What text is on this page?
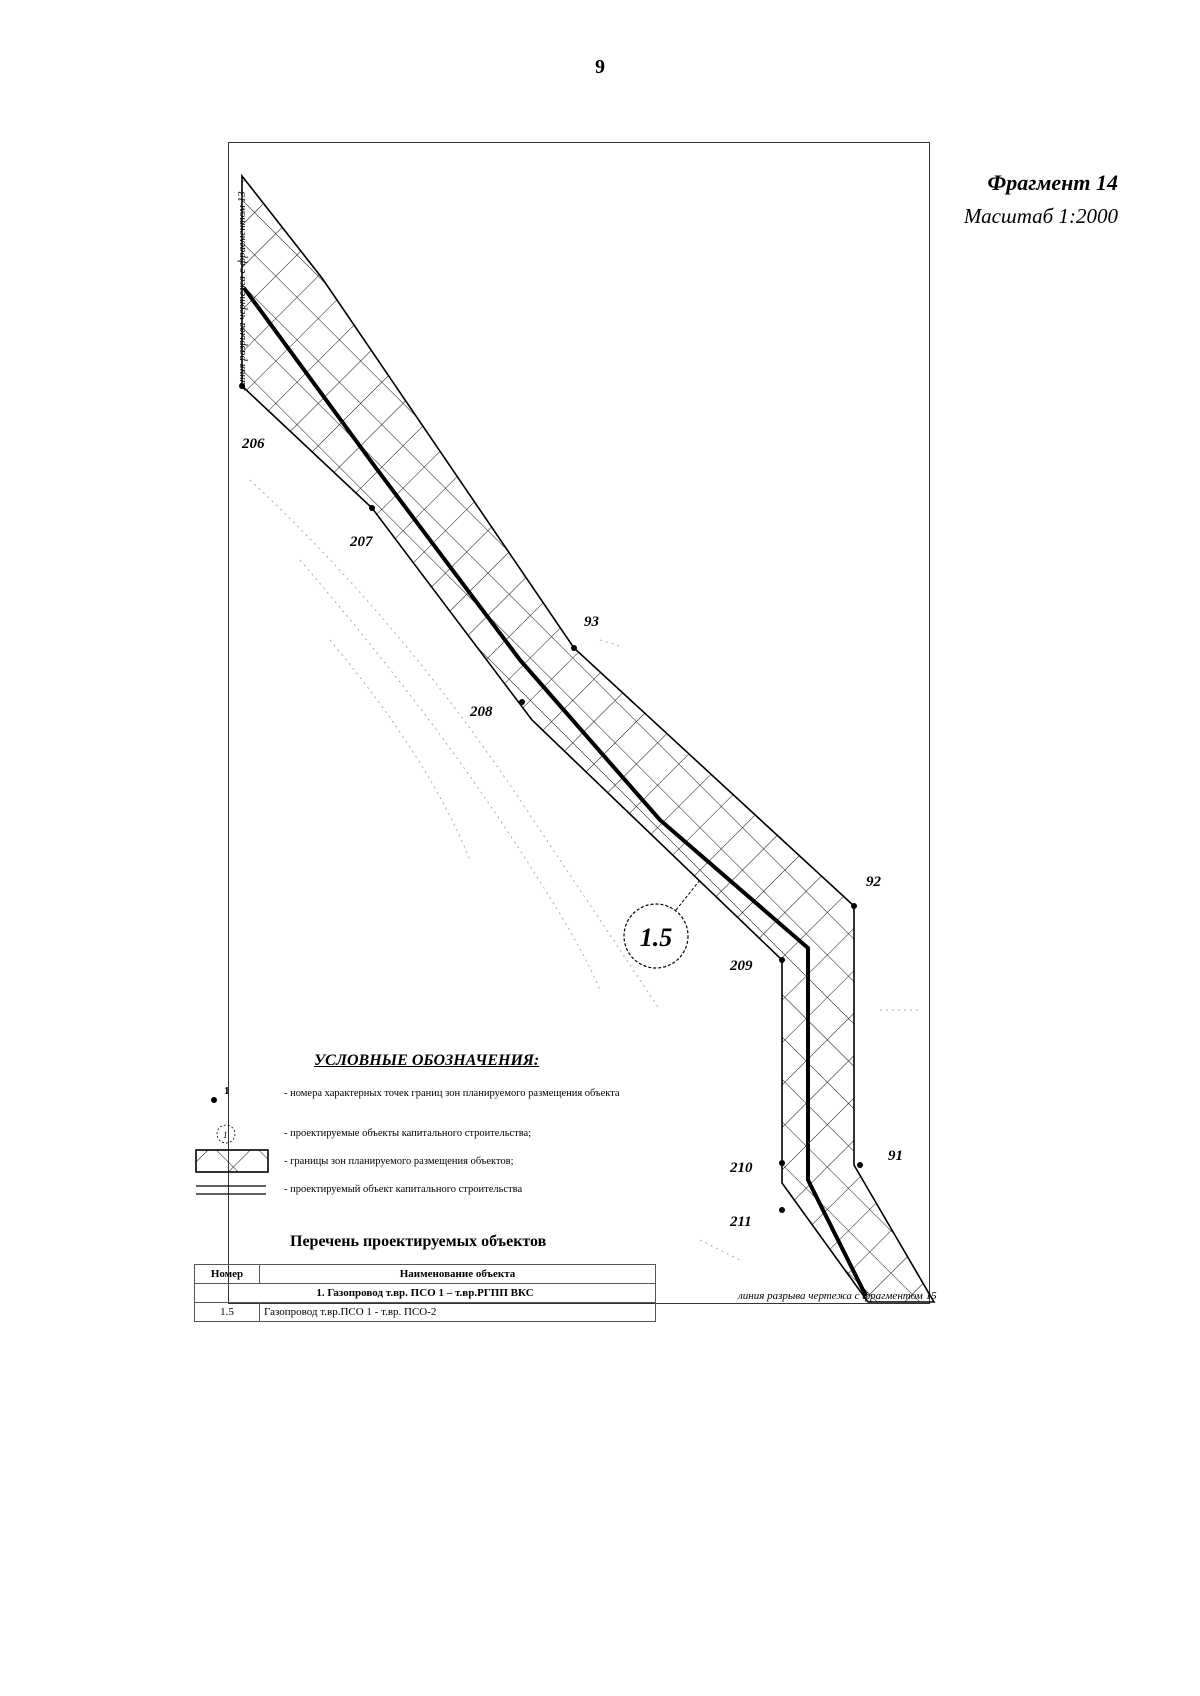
9
206
207
93
208
92
209
91
210
211
1.5
1
1
Фрагмент 14
Масштаб 1:2000
линия разрыва чертежа с фрагментом 13
линия разрыва чертежа с фрагментом 15
УСЛОВНЫЕ ОБОЗНАЧЕНИЯ:
- номера характерных точек границ зон планируемого размещения объекта
- проектируемые объекты капитального строительства;
- границы зон планируемого размещения объектов;
- проектируемый объект капитального строительства
Перечень проектируемых объектов
Номер	Наименование объекта
1. Газопровод т.вр. ПСО 1 – т.вр.РГПП ВКС	
1.5	Газопровод т.вр.ПСО 1 - т.вр. ПСО-2
